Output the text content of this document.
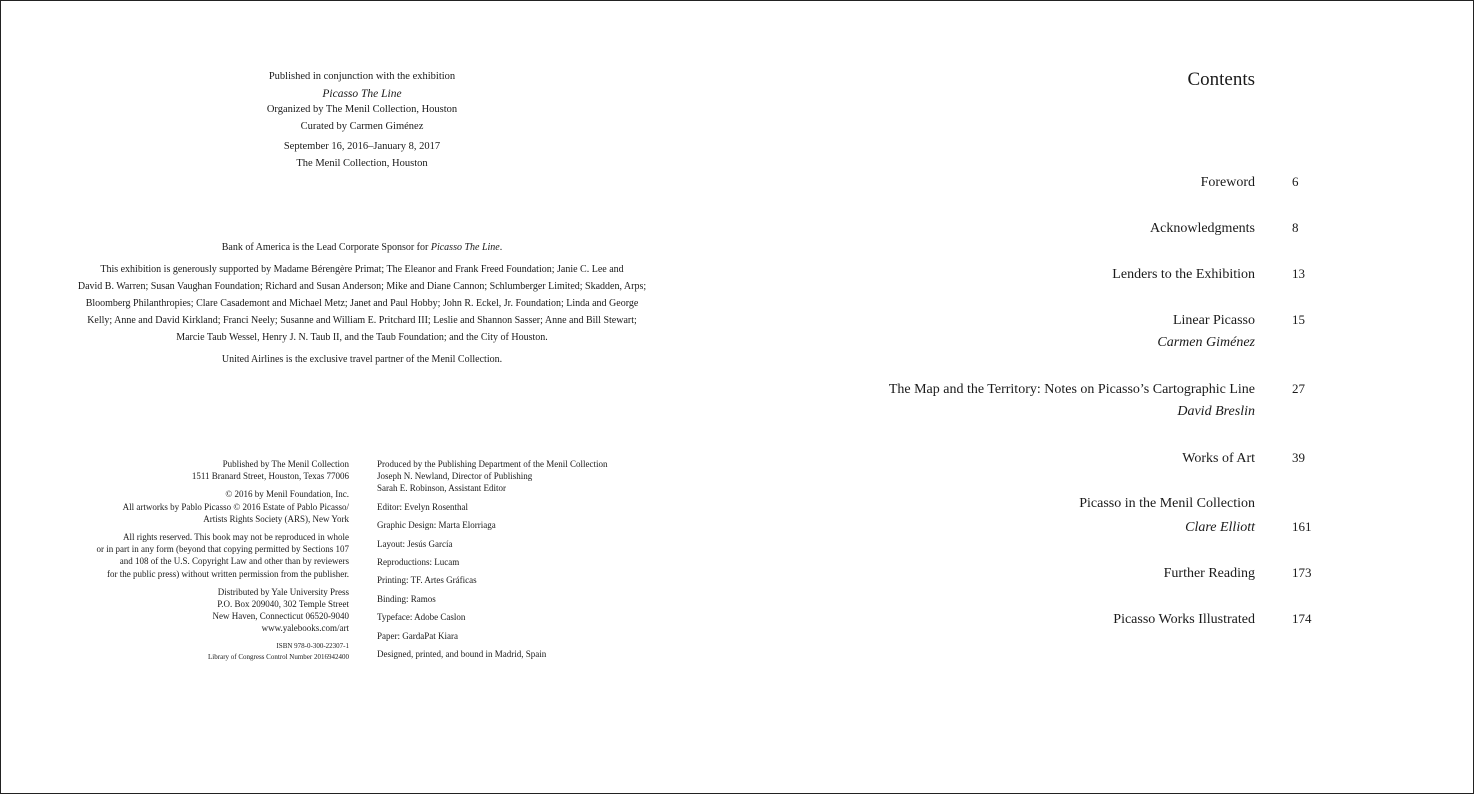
Published in conjunction with the exhibition
Picasso The Line
Organized by The Menil Collection, Houston
Curated by Carmen Giménez
September 16, 2016–January 8, 2017
The Menil Collection, Houston

Bank of America is the Lead Corporate Sponsor for Picasso The Line.

This exhibition is generously supported by Madame Bérengère Primat; The Eleanor and Frank Freed Foundation; Janie C. Lee and
David B. Warren; Susan Vaughan Foundation; Richard and Susan Anderson; Mike and Diane Cannon; Schlumberger Limited; Skadden, Arps;
Bloomberg Philanthropies; Clare Casademont and Michael Metz; Janet and Paul Hobby; John R. Eckel, Jr. Foundation; Linda and George
Kelly; Anne and David Kirkland; Franci Neely; Susanne and William E. Pritchard III; Leslie and Shannon Sasser; Anne and Bill Stewart;
Marcie Taub Wessel, Henry J. N. Taub II, and the Taub Foundation; and the City of Houston.

United Airlines is the exclusive travel partner of the Menil Collection.

Published by The Menil Collection
1511 Branard Street, Houston, Texas 77006

© 2016 by Menil Foundation, Inc.
All artworks by Pablo Picasso © 2016 Estate of Pablo Picasso/
Artists Rights Society (ARS), New York

All rights reserved. This book may not be reproduced in whole
or in part in any form (beyond that copying permitted by Sections 107
and 108 of the U.S. Copyright Law and other than by reviewers
for the public press) without written permission from the publisher.

Distributed by Yale University Press
P.O. Box 209040, 302 Temple Street
New Haven, Connecticut 06520-9040
www.yalebooks.com/art

ISBN 978-0-300-22307-1
Library of Congress Control Number 2016942400

Produced by the Publishing Department of the Menil Collection
Joseph N. Newland, Director of Publishing
Sarah E. Robinson, Assistant Editor

Editor: Evelyn Rosenthal

Graphic Design: Marta Elorriaga

Layout: Jesús García

Reproductions: Lucam

Printing: TF. Artes Gráficas

Binding: Ramos

Typeface: Adobe Caslon

Paper: GardaPat Kiara

Designed, printed, and bound in Madrid, Spain

Contents
Foreword	6
Acknowledgments	8
Lenders to the Exhibition	13
Linear Picasso	15
Carmen Giménez
The Map and the Territory: Notes on Picasso’s Cartographic Line	27
David Breslin
Works of Art	39
Picasso in the Menil Collection
Clare Elliott	161
Further Reading	173
Picasso Works Illustrated	174
